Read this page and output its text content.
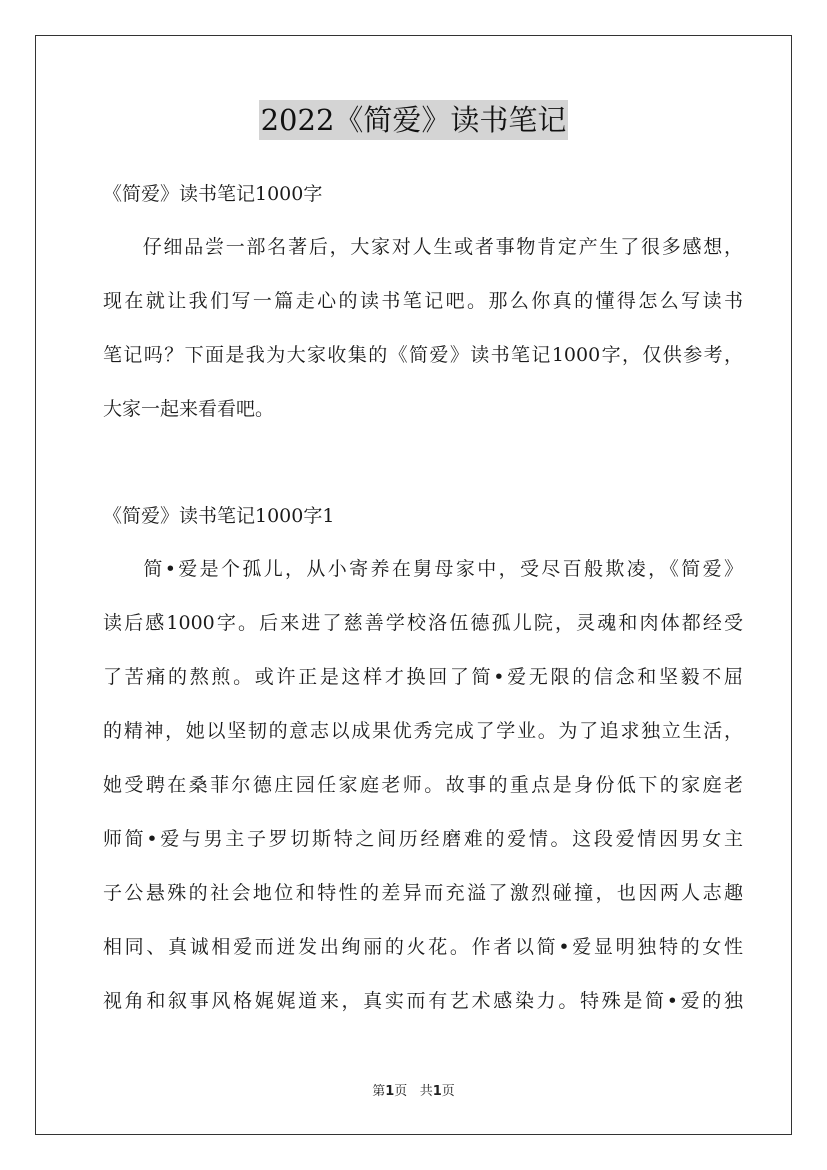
2022《简爱》读书笔记
《简爱》读书笔记1000字
仔细品尝一部名著后，大家对人生或者事物肯定产生了很多感想，
现在就让我们写一篇走心的读书笔记吧。那么你真的懂得怎么写读书
笔记吗？下面是我为大家收集的《简爱》读书笔记1000字，仅供参考，
大家一起来看看吧。
《简爱》读书笔记1000字1
简•爱是个孤儿，从小寄养在舅母家中，受尽百般欺凌，《简爱》
读后感1000字。后来进了慈善学校洛伍德孤儿院，灵魂和肉体都经受
了苦痛的熬煎。或许正是这样才换回了简•爱无限的信念和坚毅不屈
的精神，她以坚韧的意志以成果优秀完成了学业。为了追求独立生活，
她受聘在桑菲尔德庄园任家庭老师。故事的重点是身份低下的家庭老
师简•爱与男主子罗切斯特之间历经磨难的爱情。这段爱情因男女主
子公悬殊的社会地位和特性的差异而充溢了激烈碰撞，也因两人志趣
相同、真诚相爱而迸发出绚丽的火花。作者以简•爱显明独特的女性
视角和叙事风格娓娓道来，真实而有艺术感染力。特殊是简•爱的独
第1页 共1页
